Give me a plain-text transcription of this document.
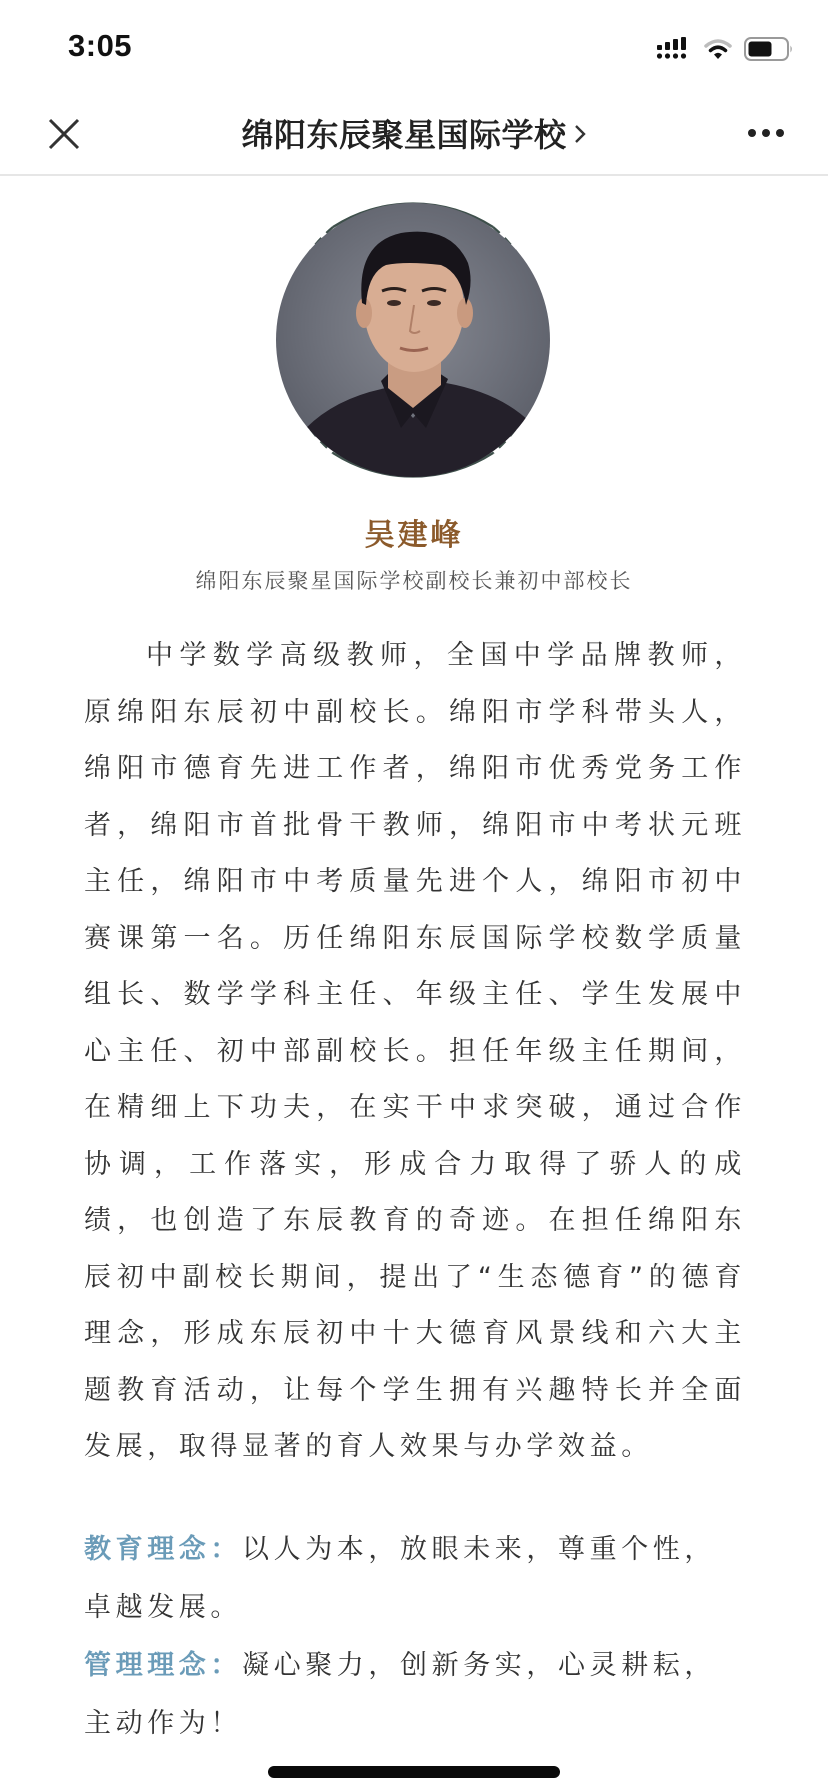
3:05
绵阳东辰聚星国际学校
吴建峰
绵阳东辰聚星国际学校副校长兼初中部校长
中学数学高级教师，全国中学品牌教师，原绵阳东辰初中副校长。绵阳市学科带头人，绵阳市德育先进工作者，绵阳市优秀党务工作者，绵阳市首批骨干教师，绵阳市中考状元班主任，绵阳市中考质量先进个人，绵阳市初中赛课第一名。历任绵阳东辰国际学校数学质量组长、数学学科主任、年级主任、学生发展中心主任、初中部副校长。担任年级主任期间，在精细上下功夫，在实干中求突破，通过合作协调，工作落实，形成合力取得了骄人的成绩，也创造了东辰教育的奇迹。在担任绵阳东辰初中副校长期间，提出了“生态德育”的德育理念，形成东辰初中十大德育风景线和六大主题教育活动，让每个学生拥有兴趣特长并全面发展，取得显著的育人效果与办学效益。
教育理念：以人为本，放眼未来，尊重个性，卓越发展。
管理理念：凝心聚力，创新务实，心灵耕耘，主动作为！
